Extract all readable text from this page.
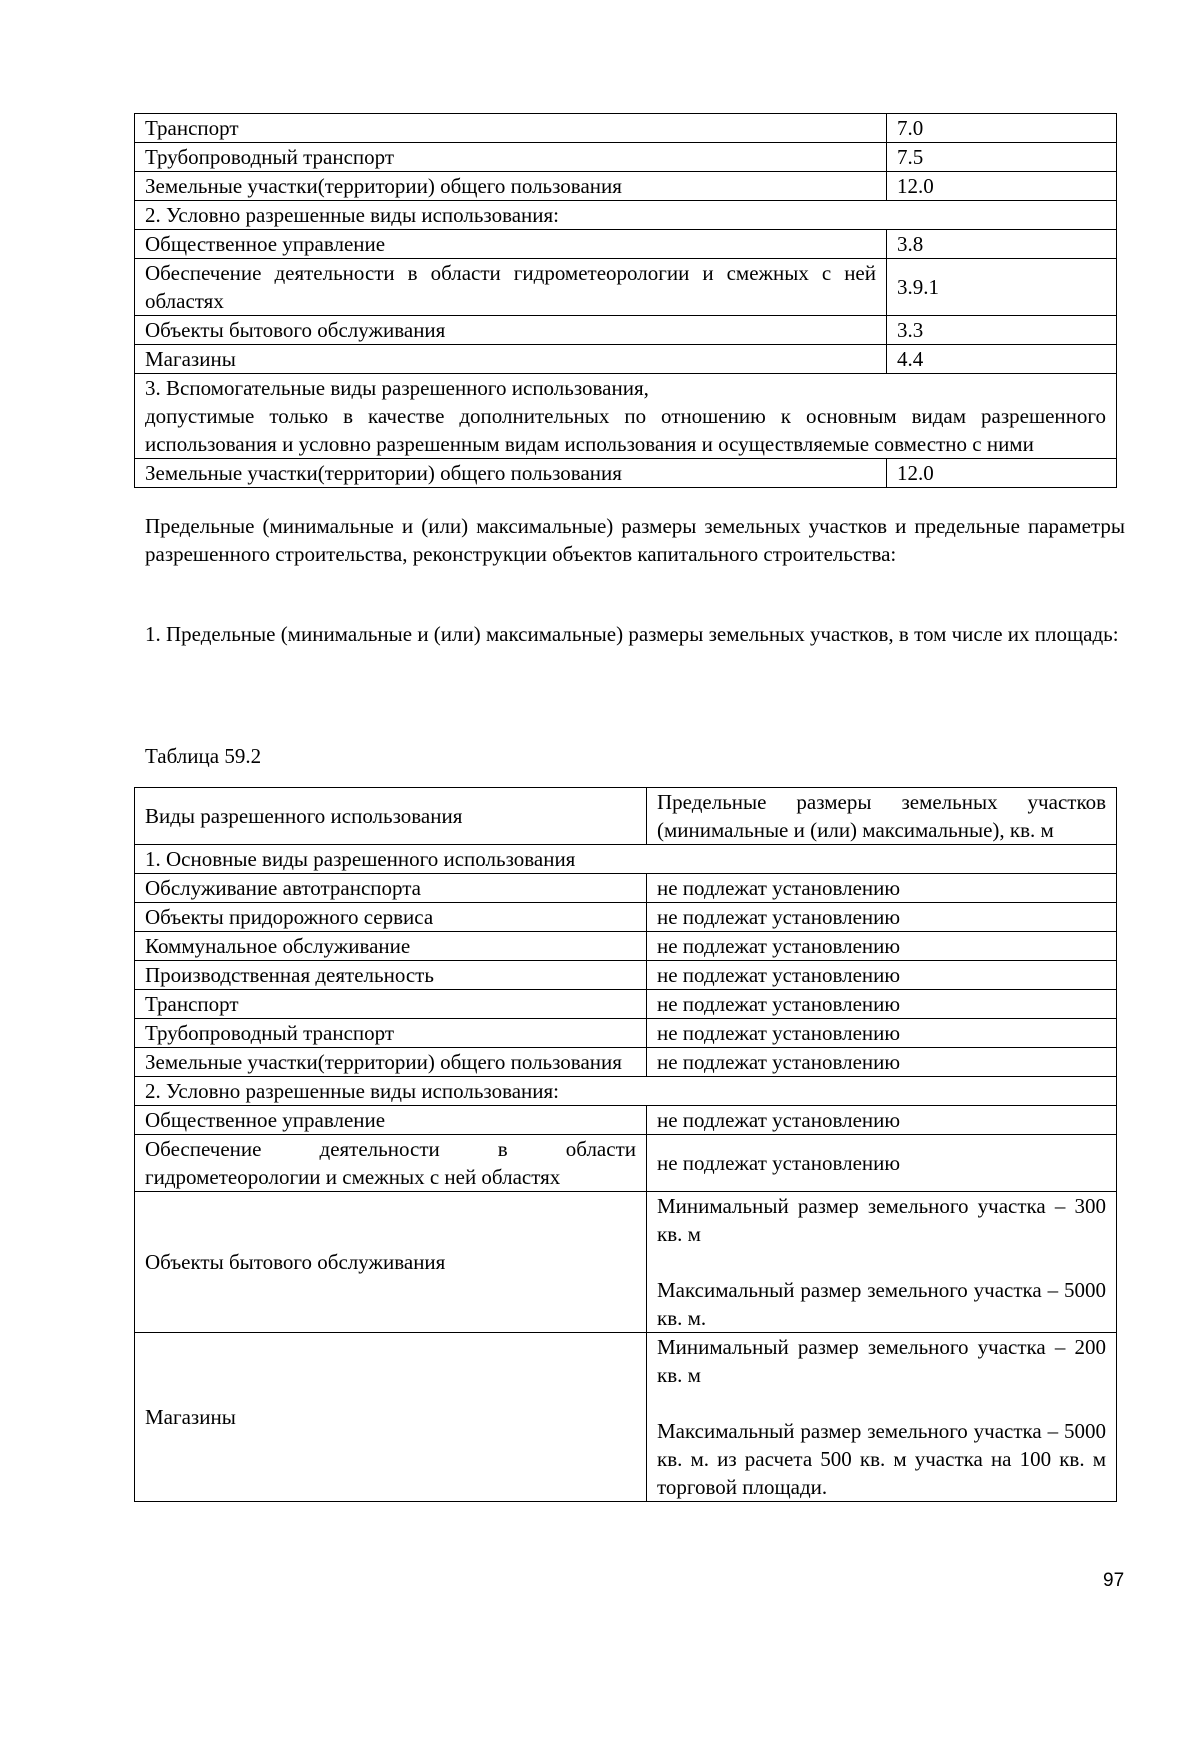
Транспорт	7.0
Трубопроводный транспорт	7.5
Земельные участки(территории) общего пользования	12.0
2. Условно разрешенные виды использования:	
Общественное управление	3.8
Обеспечение деятельности в области гидрометеорологии и смежных с ней областях	3.9.1
Объекты бытового обслуживания	3.3
Магазины	4.4

3. Вспомогательные виды разрешенного использования,
допустимые только в качестве дополнительных по отношению к основным видам разрешенного использования и условно разрешенным видам использования и осуществляемые совместно с ними	

Земельные участки(территории) общего пользования	12.0
Предельные (минимальные и (или) максимальные) размеры земельных участков и предельные параметры разрешенного строительства, реконструкции объектов капитального строительства:
1. Предельные (минимальные и (или) максимальные) размеры земельных участков, в том числе их площадь:
Таблица 59.2
Виды разрешенного использования	Предельные размеры земельных участков (минимальные и (или) максимальные), кв. м
1. Основные виды разрешенного использования	
Обслуживание автотранспорта	не подлежат установлению
Объекты придорожного сервиса	не подлежат установлению
Коммунальное обслуживание	не подлежат установлению
Производственная деятельность	не подлежат установлению
Транспорт	не подлежат установлению
Трубопроводный транспорт	не подлежат установлению
Земельные участки(территории) общего пользования	не подлежат установлению
2. Условно разрешенные виды использования:	
Общественное управление	не подлежат установлению
Обеспечение деятельности в области гидрометеорологии и смежных с ней областях	не подлежат установлению
Объекты бытового обслуживания	Минимальный размер земельного участка – 300 кв. м
Максимальный размер земельного участка – 5000 кв. м.

Магазины	Минимальный размер земельного участка – 200 кв. м
Максимальный размер земельного участка – 5000 кв. м. из расчета 500 кв. м участка на 100 кв. м торговой площади.
97
